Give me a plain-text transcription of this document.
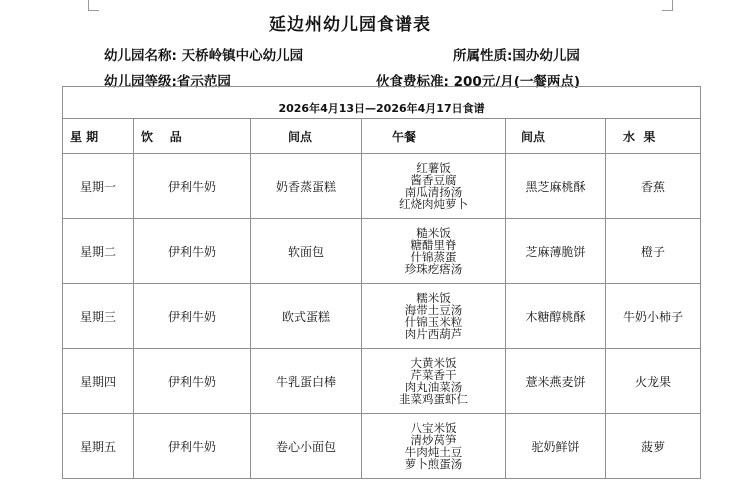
延边州幼儿园食谱表
幼儿园名称: 天桥岭镇中心幼儿园	所属性质:国办幼儿园
幼儿园等级:省示范园	伙食费标准: 200元/月(一餐两点)
2026年4月13日—2026年4月17日食谱					
星 期	饮    品	间点	午餐	间点	水  果
星期一	伊利牛奶	奶香蒸蛋糕	红薯饭
酱香豆腐
南瓜清扬汤
红烧肉炖萝卜	黑芝麻桃酥	香蕉
星期二	伊利牛奶	软面包	糙米饭
糖醋里脊
什锦蒸蛋
珍珠疙瘩汤	芝麻薄脆饼	橙子
星期三	伊利牛奶	欧式蛋糕	糯米饭
海带土豆汤
什锦玉米粒
肉片西葫芦	木糖醇桃酥	牛奶小柿子
星期四	伊利牛奶	牛乳蛋白棒	大黄米饭
芹菜香干
肉丸油菜汤
韭菜鸡蛋虾仁	薏米燕麦饼	火龙果
星期五	伊利牛奶	卷心小面包	八宝米饭
清炒莴笋
牛肉炖土豆
萝卜煎蛋汤	驼奶鲜饼	菠萝
